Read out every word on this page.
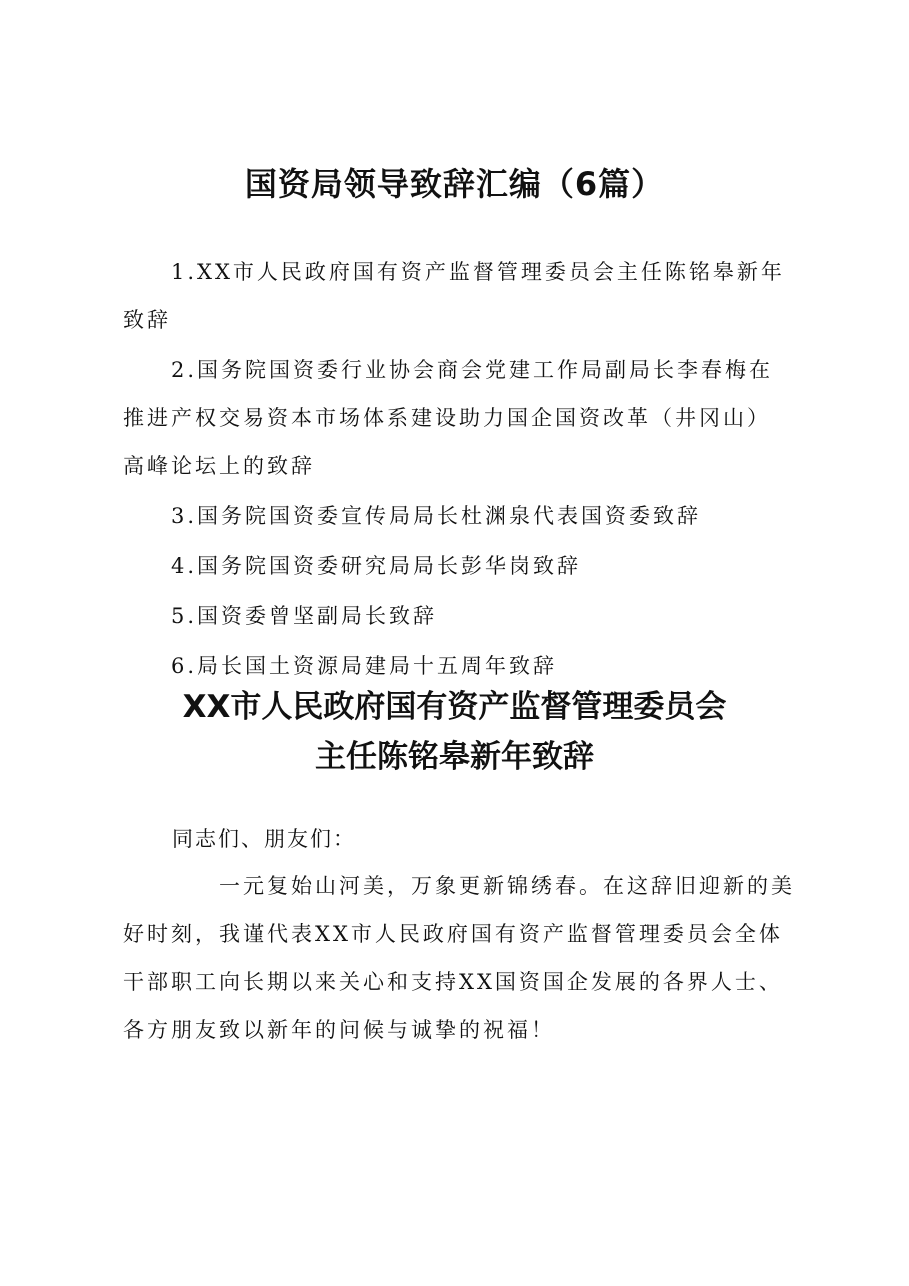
国资局领导致辞汇编（6篇）
1.XX市人民政府国有资产监督管理委员会主任陈铭皋新年致辞
2.国务院国资委行业协会商会党建工作局副局长李春梅在推进产权交易资本市场体系建设助力国企国资改革（井冈山）高峰论坛上的致辞
3.国务院国资委宣传局局长杜渊泉代表国资委致辞
4.国务院国资委研究局局长彭华岗致辞
5.国资委曾坚副局长致辞
6.局长国土资源局建局十五周年致辞
XX市人民政府国有资产监督管理委员会
主任陈铭皋新年致辞
同志们、朋友们：
一元复始山河美，万象更新锦绣春。在这辞旧迎新的美好时刻，我谨代表XX市人民政府国有资产监督管理委员会全体干部职工向长期以来关心和支持XX国资国企发展的各界人士、各方朋友致以新年的问候与诚挚的祝福！
